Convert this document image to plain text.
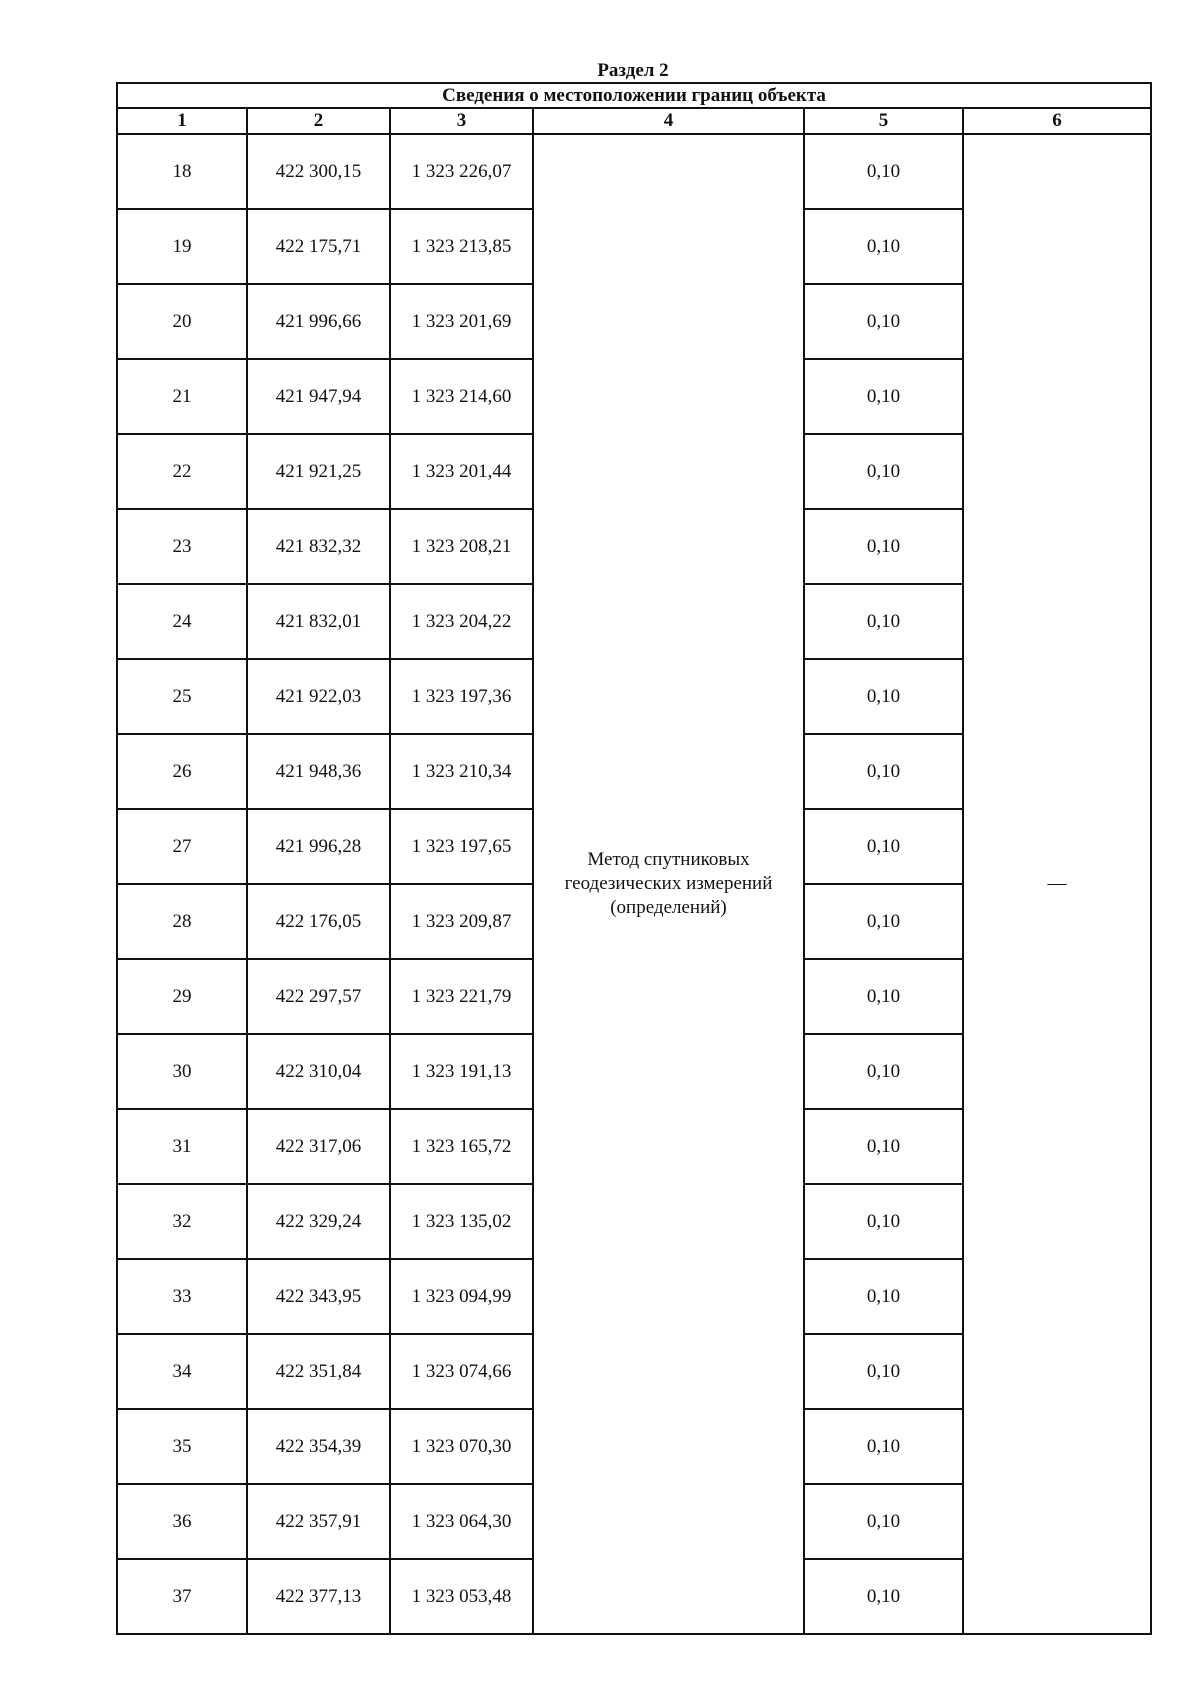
Раздел 2
Сведения о местоположении границ объекта					
1	2	3	4	5	6
18	422 300,15	1 323 226,07	Метод спутниковых геодезических измерений (определений)	0,10	—
19	422 175,71	1 323 213,85		0,10	
20	421 996,66	1 323 201,69		0,10	
21	421 947,94	1 323 214,60		0,10	
22	421 921,25	1 323 201,44		0,10	
23	421 832,32	1 323 208,21		0,10	
24	421 832,01	1 323 204,22		0,10	
25	421 922,03	1 323 197,36		0,10	
26	421 948,36	1 323 210,34		0,10	
27	421 996,28	1 323 197,65		0,10	
28	422 176,05	1 323 209,87		0,10	
29	422 297,57	1 323 221,79		0,10	
30	422 310,04	1 323 191,13		0,10	
31	422 317,06	1 323 165,72		0,10	
32	422 329,24	1 323 135,02		0,10	
33	422 343,95	1 323 094,99		0,10	
34	422 351,84	1 323 074,66		0,10	
35	422 354,39	1 323 070,30		0,10	
36	422 357,91	1 323 064,30		0,10	
37	422 377,13	1 323 053,48		0,10	
